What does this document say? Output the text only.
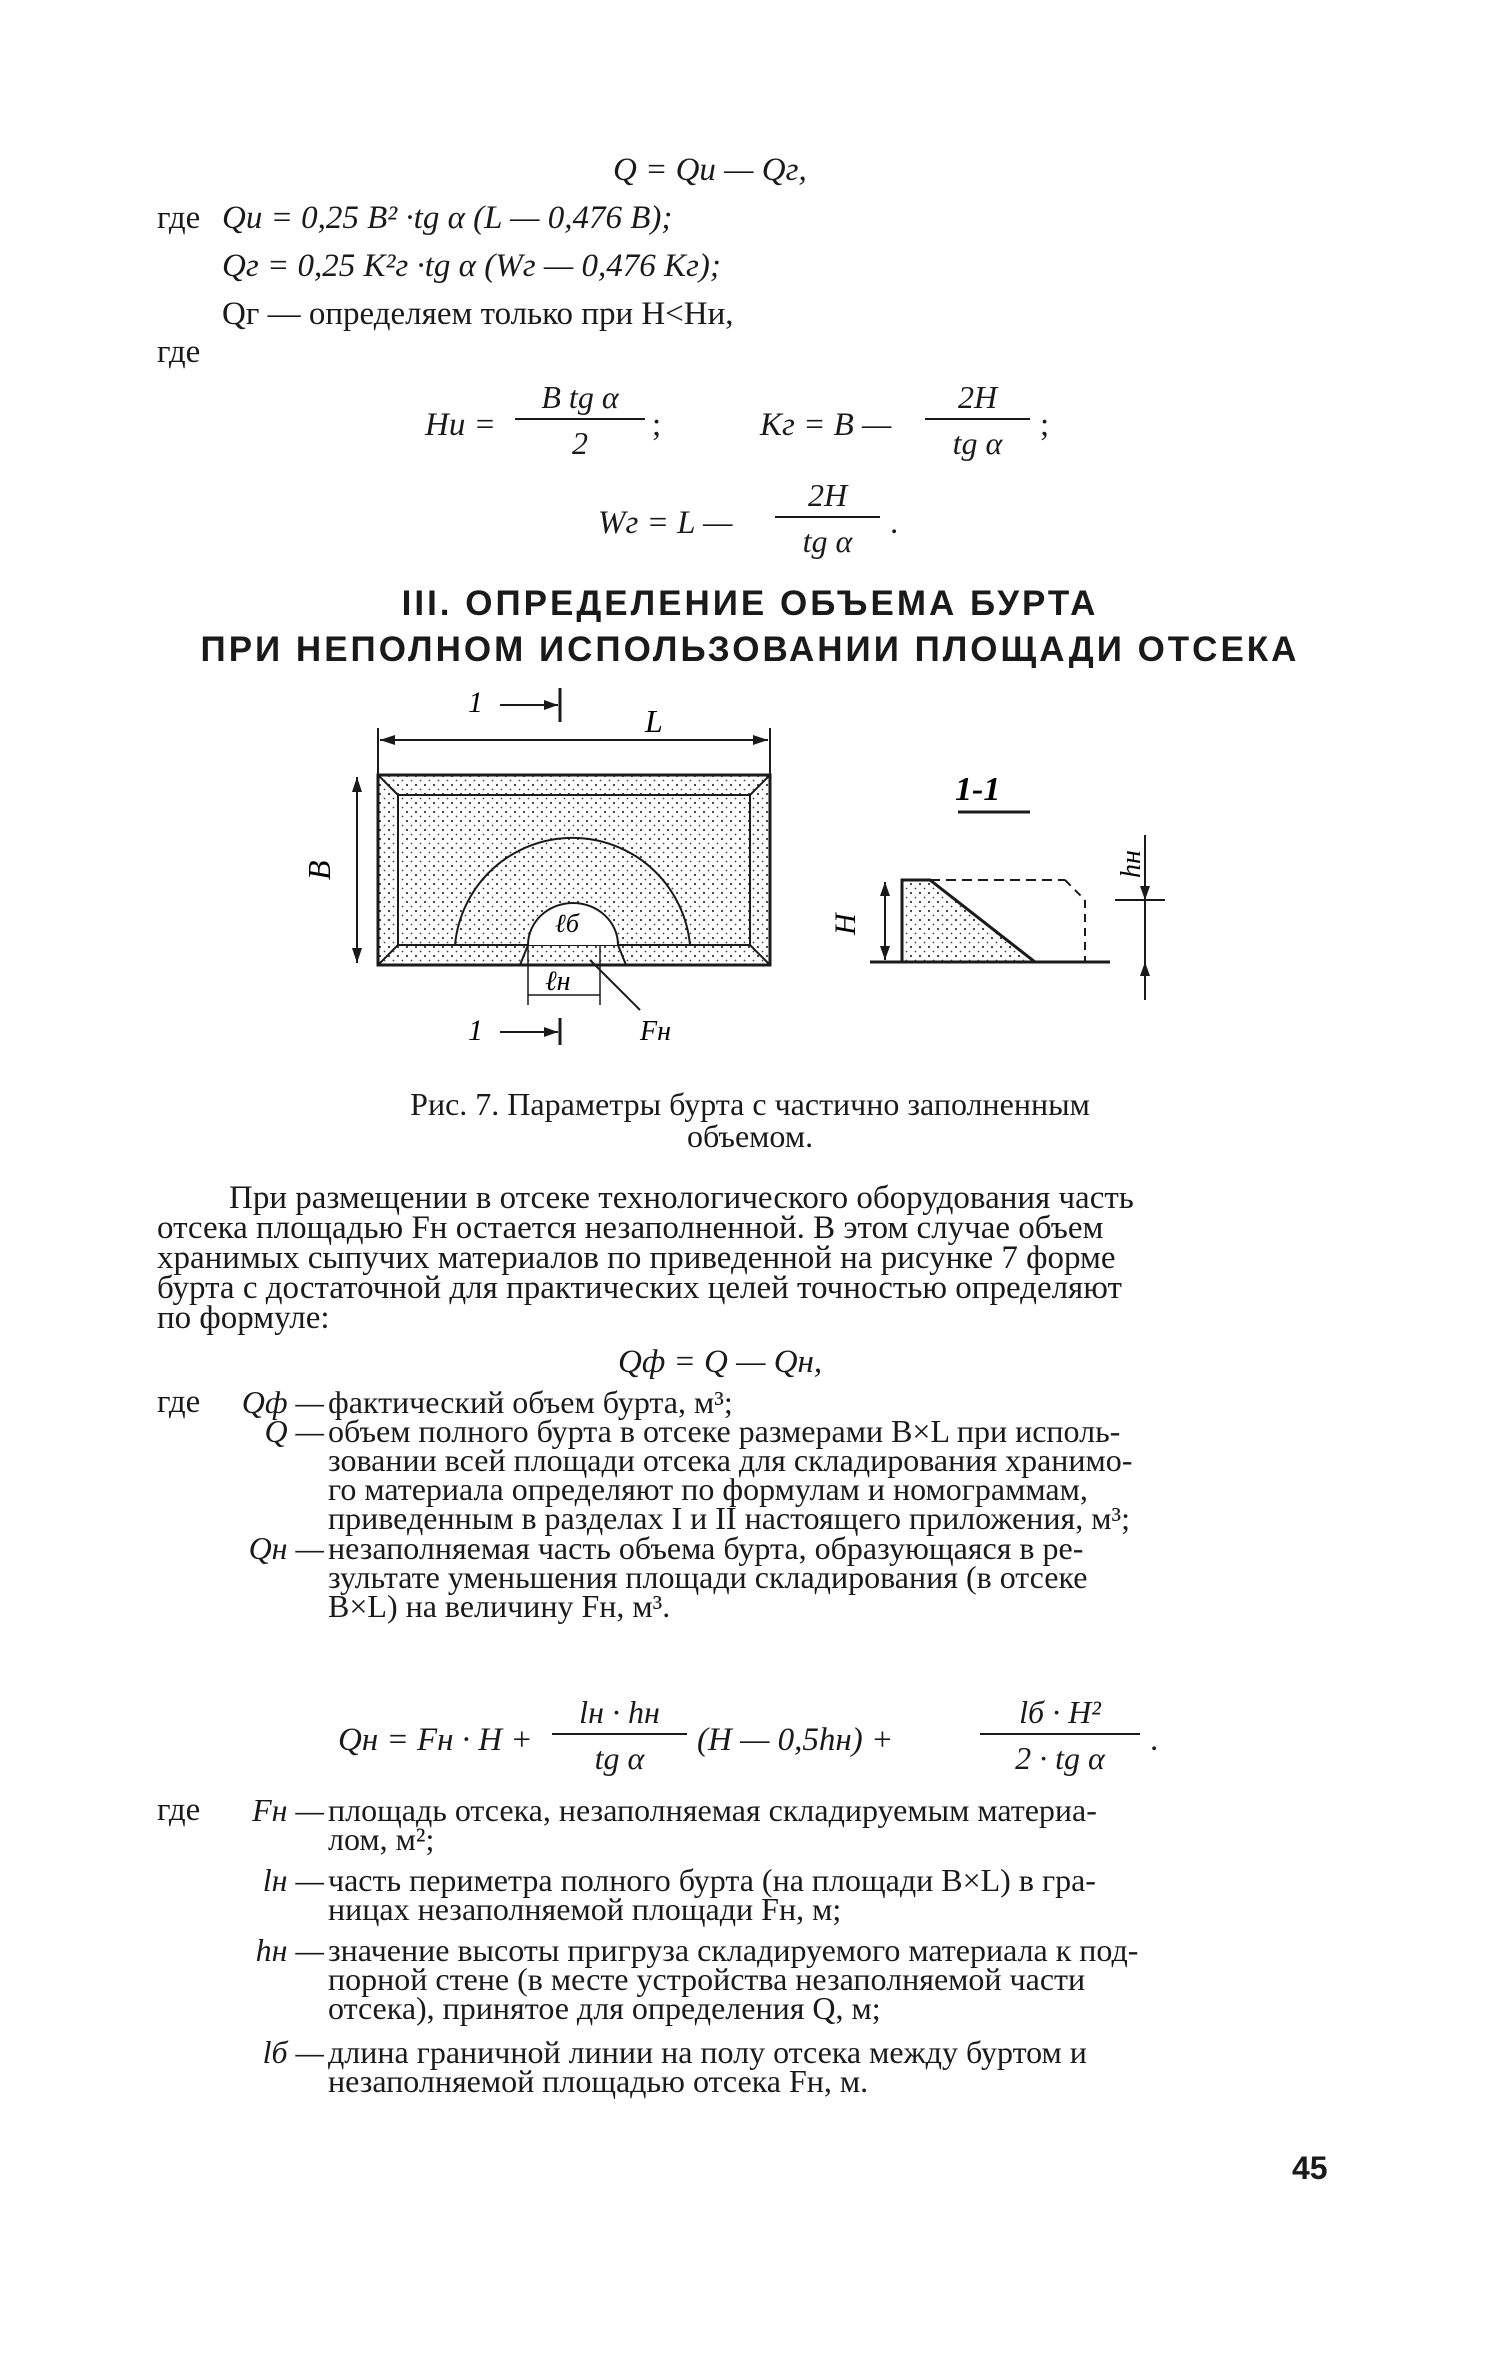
Q = Qи — Qг,
где Qи = 0,25 B² ·tg α (L — 0,476 B);
Qг = 0,25 K²г ·tg α (Wг — 0,476 Kг);
Qг — определяем только при H<Hи,
где
Hи = $\frac{\text{B tg α}}{2}$ ;	Kг = B — $\frac{2H}{\text{tg α}}$ ;
Wг = L — $\frac{2H}{\text{tg α}}$ .
III. ОПРЕДЕЛЕНИЕ ОБЪЕМА БУРТА
ПРИ НЕПОЛНОМ ИСПОЛЬЗОВАНИИ ПЛОЩАДИ ОТСЕКА
1
1
L
B
ℓн
ℓб
Fн
1-1
H
hн
Рис. 7. Параметры бурта с частично заполненным
объемом.
При размещении в отсеке технологического оборудования часть
отсека площадью Fн остается незаполненной. В этом случае объем
хранимых сыпучих материалов по приведенной на рисунке 7 форме
бурта с достаточной для практических целей точностью определяют
по формуле:
Qф = Q — Qн,
где	Qф — фактический объем бурта, м³;
Q — объем полного бурта в отсеке размерами B×L при исполь-
зовании всей площади отсека для складирования хранимо-
го материала определяют по формулам и номограммам,
приведенным в разделах I и II настоящего приложения, м³;
Qн — незаполняемая часть объема бурта, образующаяся в ре-
зультате уменьшения площади складирования (в отсеке
B×L) на величину Fн, м³.
Qн = Fн · H +
lн · hн
tg α	(H — 0,5hн) +
lб · H²
2 · tg α	.
где	Fн — площадь отсека, незаполняемая складируемым материа-
лом, м²;
lн — часть периметра полного бурта (на площади B×L) в гра-
ницах незаполняемой площади Fн, м;
hн — значение высоты пригруза складируемого материала к под-
порной стене (в месте устройства незаполняемой части
отсека), принятое для определения Q, м;
lб — длина граничной линии на полу отсека между буртом и
незаполняемой площадью отсека Fн, м.
45
